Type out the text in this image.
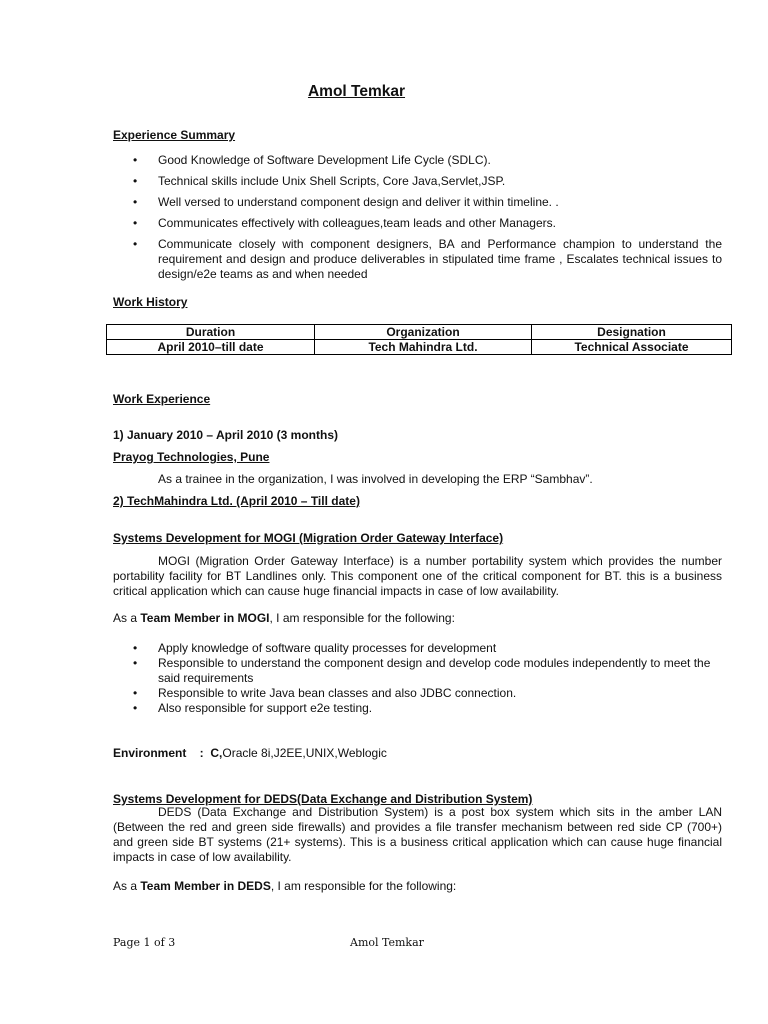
Amol Temkar
Experience Summary
• Good Knowledge of Software Development Life Cycle (SDLC).
• Technical skills include Unix Shell Scripts, Core Java,Servlet,JSP.
• Well versed to understand component design and deliver it within timeline. .
• Communicates effectively with colleagues,team leads and other Managers.
• Communicate closely with component designers, BA and Performance champion to understand the requirement and design and produce deliverables in stipulated time frame , Escalates technical issues to design/e2e teams as and when needed
Work History
Duration	Organization	Designation
April 2010–till date	Tech Mahindra Ltd.	Technical Associate
Work Experience
1) January 2010 – April 2010 (3 months)
Prayog Technologies, Pune
As a trainee in the organization, I was involved in developing the ERP “Sambhav”.
2) TechMahindra Ltd. (April 2010 – Till date)
Systems Development for MOGI (Migration Order Gateway Interface)
MOGI (Migration Order Gateway Interface) is a number portability system which provides the number portability facility for BT Landlines only. This component one of the critical component for BT. this is a business critical application which can cause huge financial impacts in case of low availability.
As a Team Member in MOGI, I am responsible for the following:
• Apply knowledge of software quality processes for development
• Responsible to understand the component design and develop code modules independently to meet the said requirements
• Responsible to write Java bean classes and also JDBC connection.
• Also responsible for support e2e testing.
Environment    : C,Oracle 8i,J2EE,UNIX,Weblogic
Systems Development for DEDS(Data Exchange and Distribution System)
DEDS (Data Exchange and Distribution System) is a post box system which sits in the amber LAN (Between the red and green side firewalls) and provides a file transfer mechanism between red side CP (700+) and green side BT systems (21+ systems). This is a business critical application which can cause huge financial impacts in case of low availability.
As a Team Member in DEDS, I am responsible for the following:
Page 1 of 3	Amol Temkar
